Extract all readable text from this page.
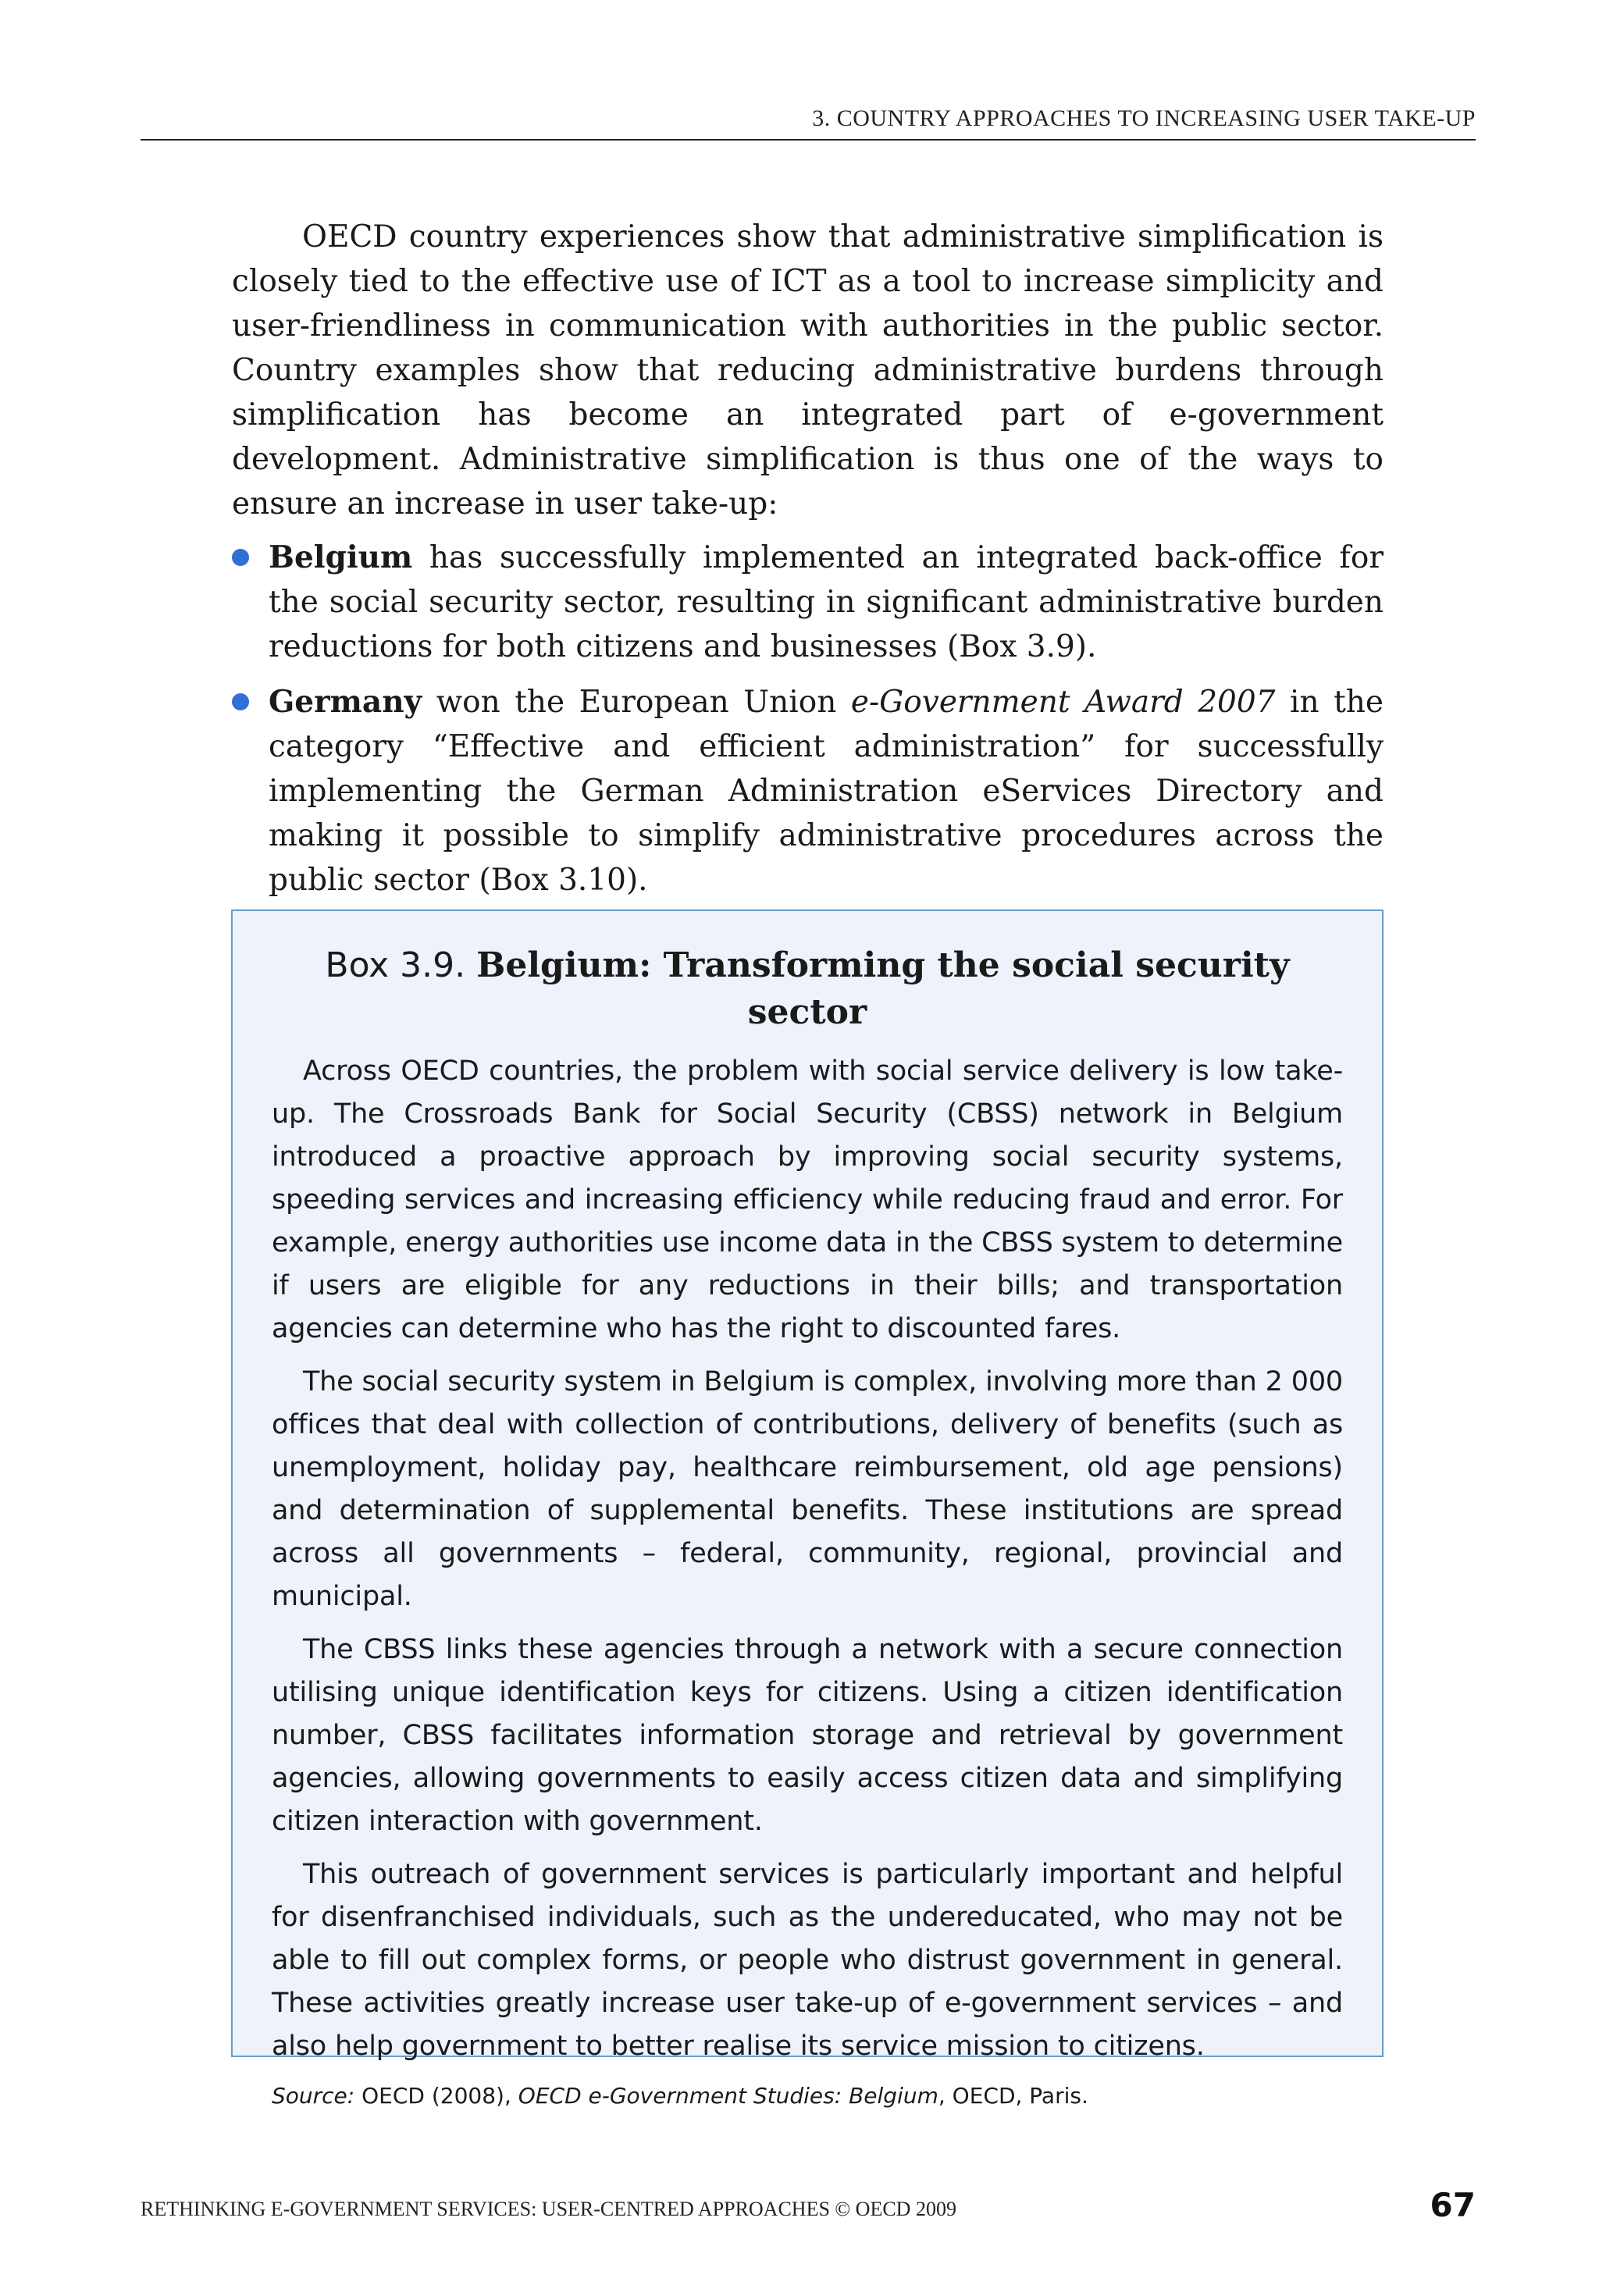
3. COUNTRY APPROACHES TO INCREASING USER TAKE-UP

OECD country experiences show that administrative simplification is closely tied to the effective use of ICT as a tool to increase simplicity and user-friendliness in communication with authorities in the public sector. Country examples show that reducing administrative burdens through simplification has become an integrated part of e-government development. Administrative simplification is thus one of the ways to ensure an increase in user take-up:

Belgium has successfully implemented an integrated back-office for the social security sector, resulting in significant administrative burden reductions for both citizens and businesses (Box 3.9).
Germany won the European Union e-Government Award 2007 in the category “Effective and efficient administration” for successfully implementing the German Administration eServices Directory and making it possible to simplify administrative procedures across the public sector (Box 3.10).
Box 3.9. Belgium: Transforming the social security sector

Across OECD countries, the problem with social service delivery is low take-up. The Crossroads Bank for Social Security (CBSS) network in Belgium introduced a proactive approach by improving social security systems, speeding services and increasing efficiency while reducing fraud and error. For example, energy authorities use income data in the CBSS system to determine if users are eligible for any reductions in their bills; and transportation agencies can determine who has the right to discounted fares.

The social security system in Belgium is complex, involving more than 2 000 offices that deal with collection of contributions, delivery of benefits (such as unemployment, holiday pay, healthcare reimbursement, old age pensions) and determination of supplemental benefits. These institutions are spread across all governments – federal, community, regional, provincial and municipal.

The CBSS links these agencies through a network with a secure connection utilising unique identification keys for citizens. Using a citizen identification number, CBSS facilitates information storage and retrieval by government agencies, allowing governments to easily access citizen data and simplifying citizen interaction with government.

This outreach of government services is particularly important and helpful for disenfranchised individuals, such as the undereducated, who may not be able to fill out complex forms, or people who distrust government in general. These activities greatly increase user take-up of e-government services – and also help government to better realise its service mission to citizens.

Source: OECD (2008), OECD e-Government Studies: Belgium, OECD, Paris.
RETHINKING E-GOVERNMENT SERVICES: USER-CENTRED APPROACHES © OECD 2009	67
